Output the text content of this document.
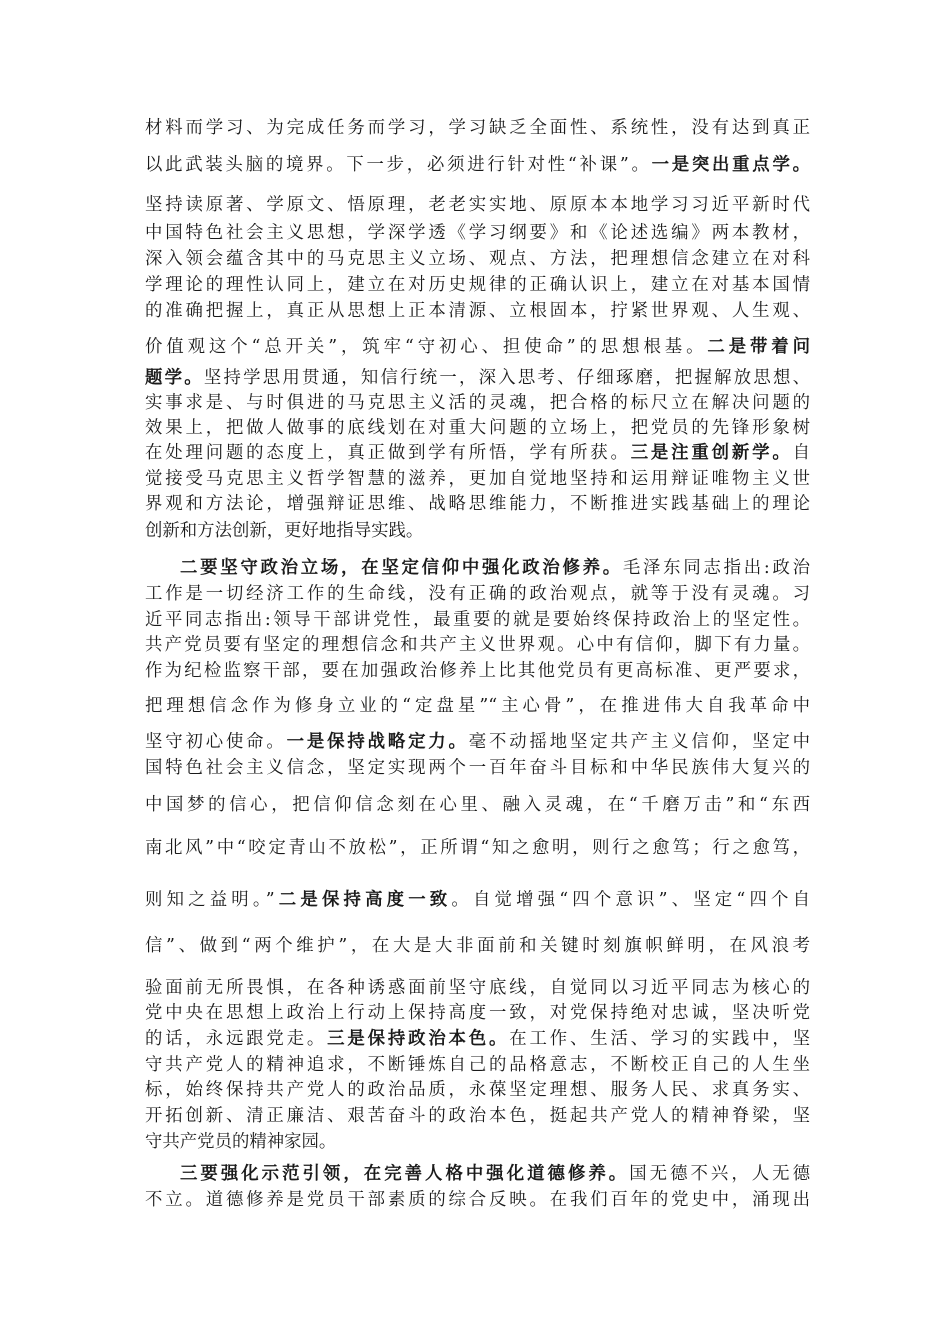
材料而学习、为完成任务而学习，学习缺乏全面性、系统性，没有达到真正
以此武装头脑的境界。下一步，必须进行针对性“补课”。一是突出重点学。
坚持读原著、学原文、悟原理，老老实实地、原原本本地学习习近平新时代
中国特色社会主义思想，学深学透《学习纲要》和《论述选编》两本教材，
深入领会蕴含其中的马克思主义立场、观点、方法，把理想信念建立在对科
学理论的理性认同上，建立在对历史规律的正确认识上，建立在对基本国情
的准确把握上，真正从思想上正本清源、立根固本，拧紧世界观、人生观、
价值观这个“总开关”，筑牢“守初心、担使命”的思想根基。二是带着问
题学。坚持学思用贯通，知信行统一，深入思考、仔细琢磨，把握解放思想、
实事求是、与时俱进的马克思主义活的灵魂，把合格的标尺立在解决问题的
效果上，把做人做事的底线划在对重大问题的立场上，把党员的先锋形象树
在处理问题的态度上，真正做到学有所悟，学有所获。三是注重创新学。自
觉接受马克思主义哲学智慧的滋养，更加自觉地坚持和运用辩证唯物主义世
界观和方法论，增强辩证思维、战略思维能力，不断推进实践基础上的理论
创新和方法创新，更好地指导实践。
二要坚守政治立场，在坚定信仰中强化政治修养。毛泽东同志指出:政治
工作是一切经济工作的生命线，没有正确的政治观点，就等于没有灵魂。习
近平同志指出:领导干部讲党性，最重要的就是要始终保持政治上的坚定性。
共产党员要有坚定的理想信念和共产主义世界观。心中有信仰，脚下有力量。
作为纪检监察干部，要在加强政治修养上比其他党员有更高标准、更严要求，
把理想信念作为修身立业的“定盘星”“主心骨”，在推进伟大自我革命中
坚守初心使命。一是保持战略定力。毫不动摇地坚定共产主义信仰，坚定中
国特色社会主义信念，坚定实现两个一百年奋斗目标和中华民族伟大复兴的
中国梦的信心，把信仰信念刻在心里、融入灵魂，在“千磨万击”和“东西
南北风”中“咬定青山不放松”，正所谓“知之愈明，则行之愈笃；行之愈笃，
则知之益明。”二是保持高度一致。自觉增强“四个意识”、坚定“四个自
信”、做到“两个维护”，在大是大非面前和关键时刻旗帜鲜明，在风浪考
验面前无所畏惧，在各种诱惑面前坚守底线，自觉同以习近平同志为核心的
党中央在思想上政治上行动上保持高度一致，对党保持绝对忠诚，坚决听党
的话，永远跟党走。三是保持政治本色。在工作、生活、学习的实践中，坚
守共产党人的精神追求，不断锤炼自己的品格意志，不断校正自己的人生坐
标，始终保持共产党人的政治品质，永葆坚定理想、服务人民、求真务实、
开拓创新、清正廉洁、艰苦奋斗的政治本色，挺起共产党人的精神脊梁，坚
守共产党员的精神家园。
三要强化示范引领，在完善人格中强化道德修养。国无德不兴，人无德
不立。道德修养是党员干部素质的综合反映。在我们百年的党史中，涌现出
